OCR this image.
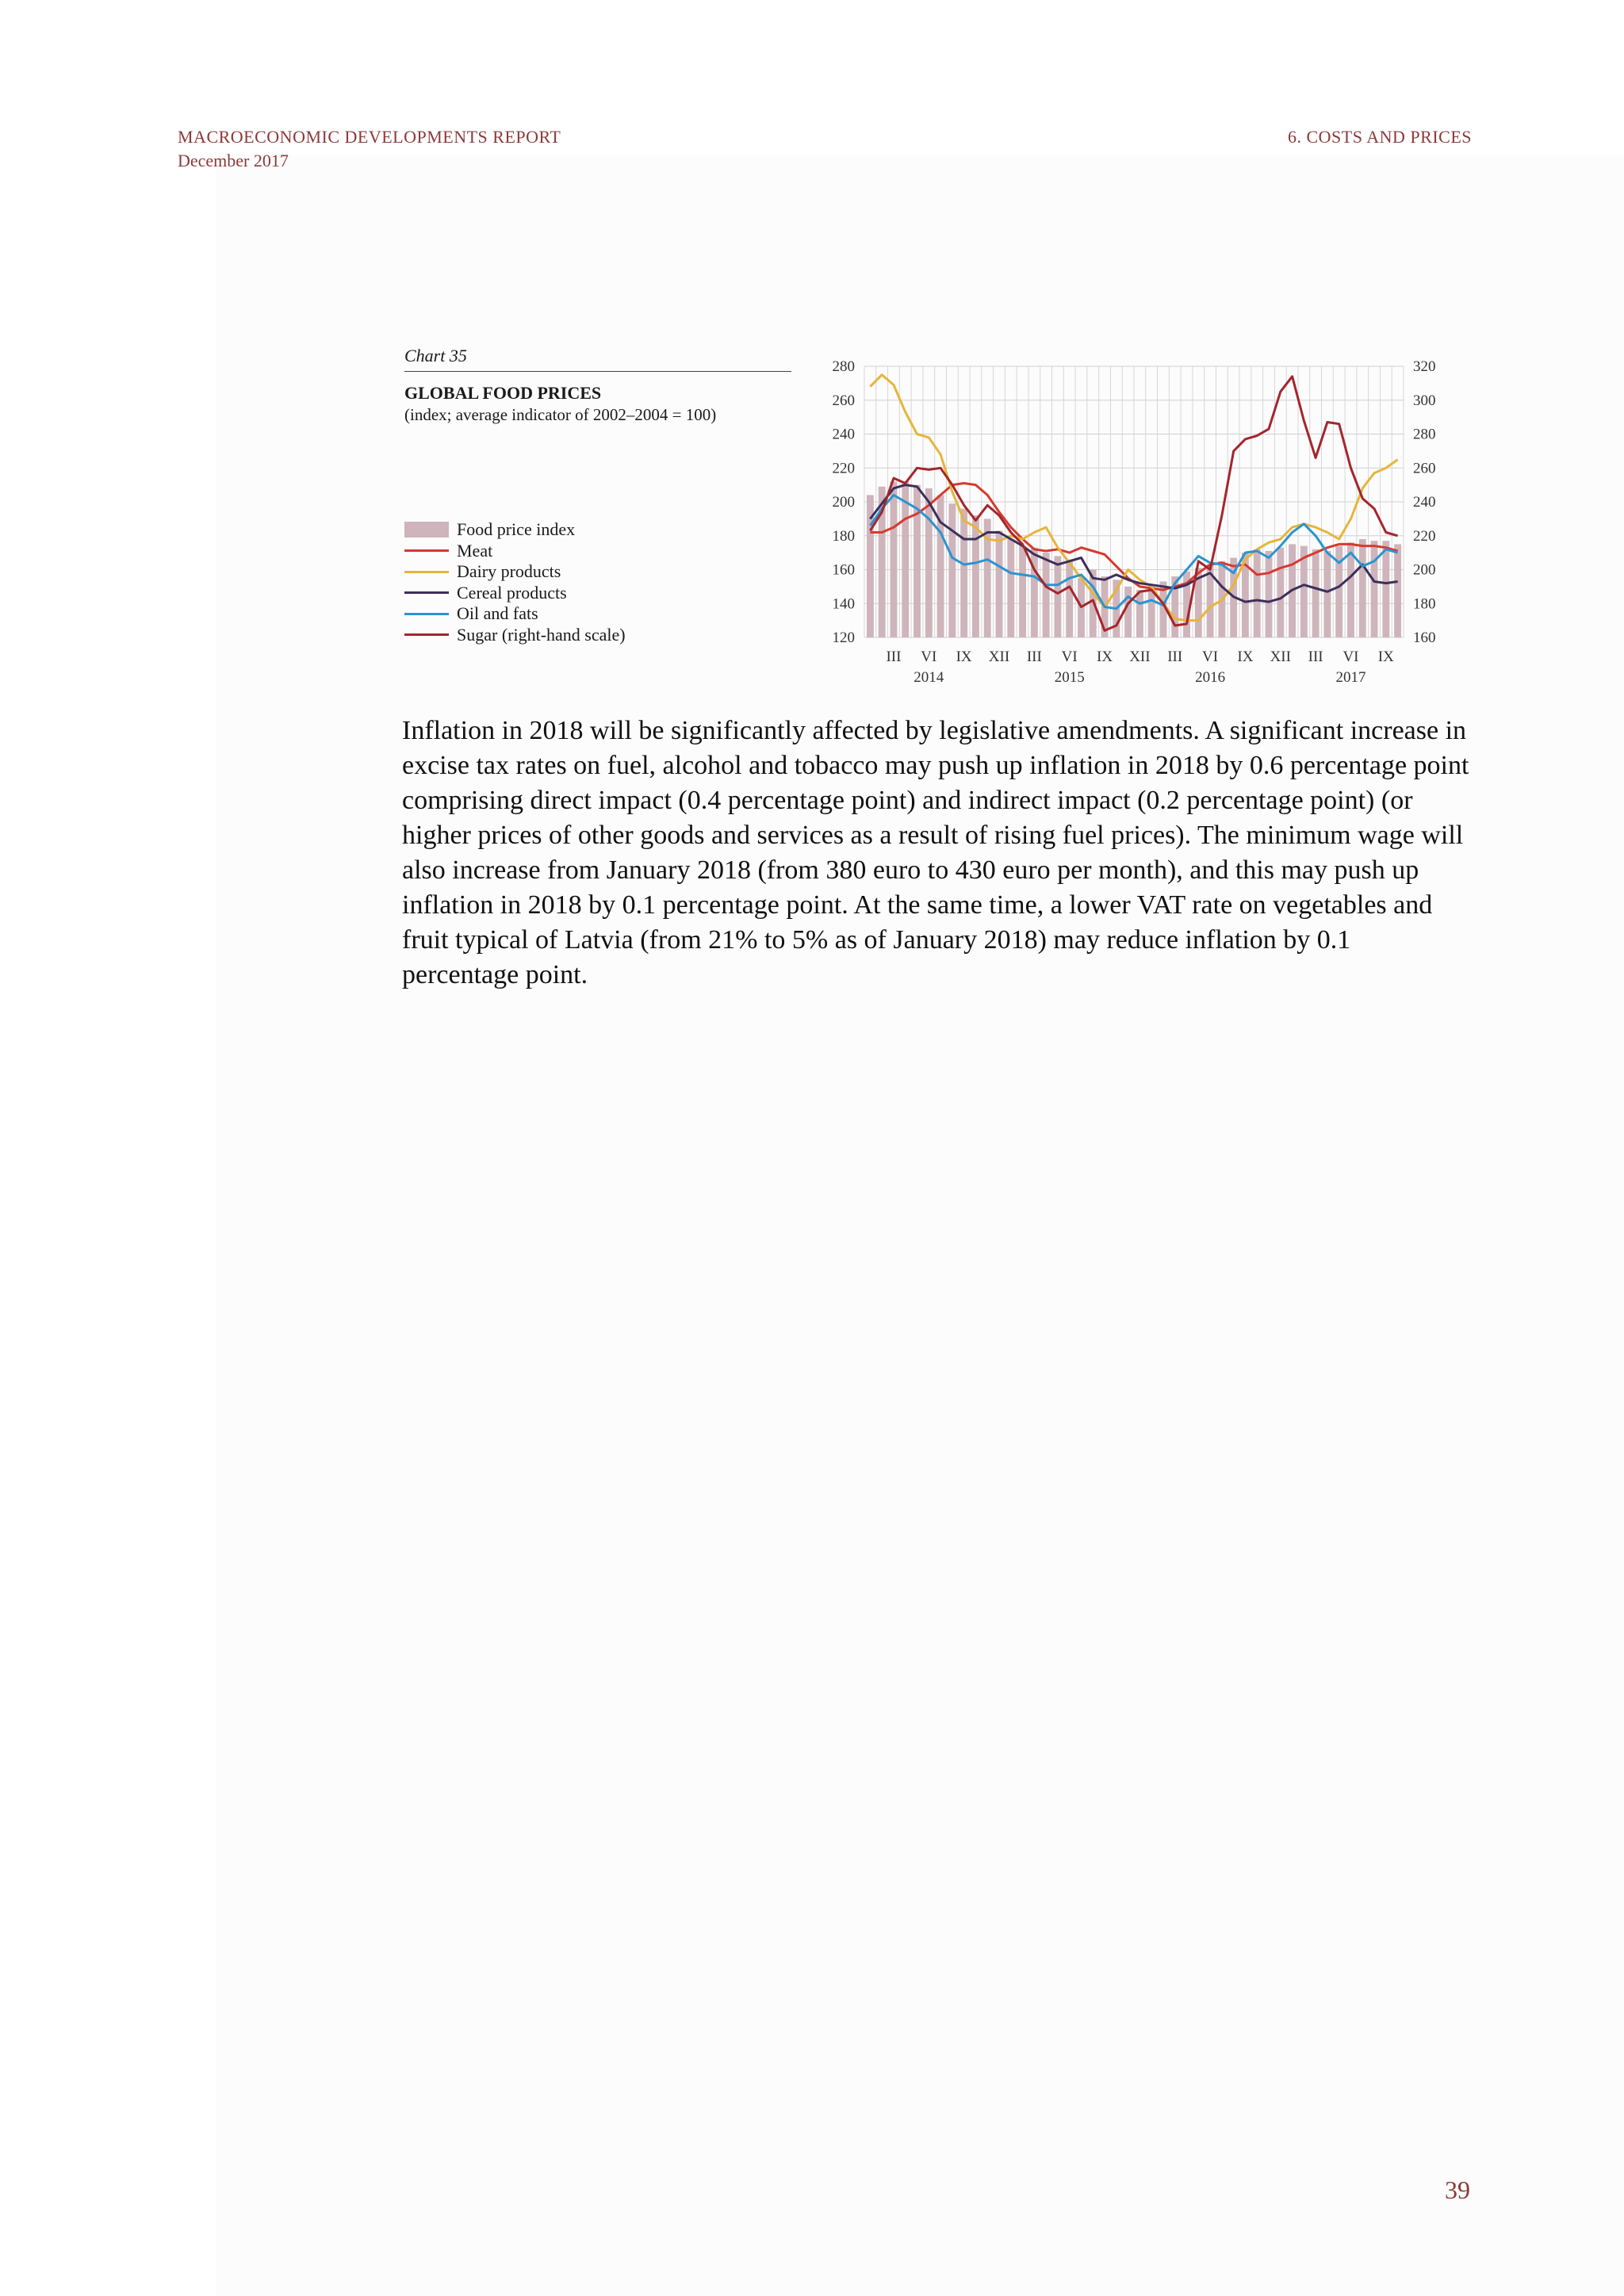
MACROECONOMIC DEVELOPMENTS REPORT
December 2017
6. COSTS AND PRICES
Chart 35
GLOBAL FOOD PRICES
(index; average indicator of 2002–2004 = 100)
Food price index
Meat
Dairy products
Cereal products
Oil and fats
Sugar (right-hand scale)	120	160
140	180
160	200
180	220
200	240
220	260
240	280
260	300
280	320
III VI IX XII III VI IX XII III VI IX XII III VI IX
2014	2015	2016	2017
Inflation in 2018 will be significantly affected by legislative amendments. A significant increase in excise tax rates on fuel, alcohol and tobacco may push up inflation in 2018 by 0.6 percentage point comprising direct impact (0.4 percentage point) and indirect impact (0.2 percentage point) (or higher prices of other goods and services as a result of rising fuel prices). The minimum wage will also increase from January 2018 (from 380 euro to 430 euro per month), and this may push up inflation in 2018 by 0.1 percentage point. At the same time, a lower VAT rate on vegetables and fruit typical of Latvia (from 21% to 5% as of January 2018) may reduce inflation by 0.1 percentage point.
39
